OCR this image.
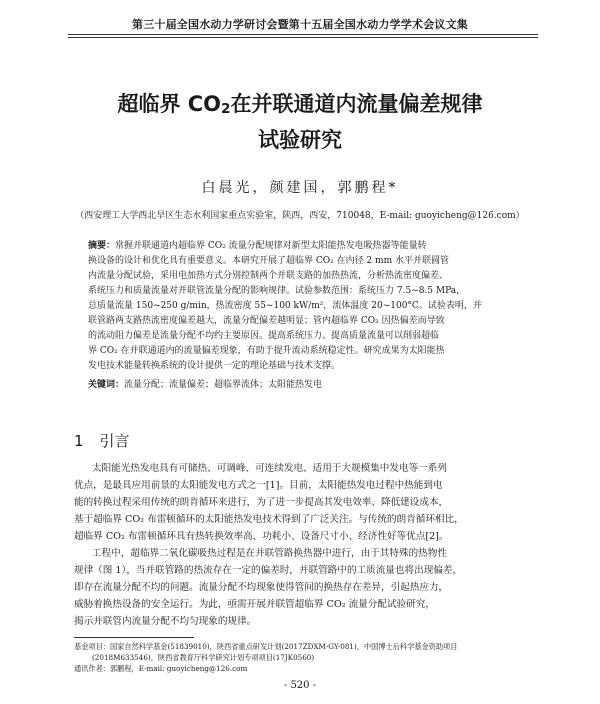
第三十届全国水动力学研讨会暨第十五届全国水动力学学术会议文集
超临界 $CO_2$在并联通道内流量偏差规律
试验研究
白晨光，颜建国，郭鹏程*
（西安理工大学西北旱区生态水利国家重点实验室，陕西，西安，710048，E-mail: guoyicheng@126.com）
摘要：常握并联通道内超临界 CO₂ 流量分配规律对新型太阳能热发电吸热器等能量转
换设备的设计和优化具有重要意义。本研究开展了超临界 CO₂ 在内径 2 mm 水平并联圆管
内流量分配试验，采用电加热方式分别控制两个并联支路的加热热流，分析热流密度偏差、
系统压力和质量流量对并联管流量分配的影响规律。试验参数范围：系统压力 7.5~8.5 MPa，
总质量流量 150~250 g/min，热流密度 55~100 kW/m²，流体温度 20~100°C。试验表明，并
联管路两支路热流密度偏差越大，流量分配偏差越明显；管内超临界 CO₂ 因热偏差而导致
的流动阻力偏差是流量分配不均约主要原因。提高系统压力、提高质量流量可以削弱超临
界 CO₂ 在并联通道内的流量偏差现象，有助于提升流动系统稳定性。研究成果为太阳能热
发电技术能量转换系统的设计提供一定的理论基础与技术支撑。
关键词：流量分配；流量偏差；超临界流体；太阳能热发电
1 引言
太阳能光热发电具有可储热、可调峰、可连续发电、适用于大规模集中发电等一系列
优点，是最具应用前景的太阳能发电方式之一[1]。目前，太阳能热发电过程中热能到电
能的转换过程采用传统的朗肯循环来进行，为了进一步提高其发电效率、降低建设成本，
基于超临界 CO₂ 布雷顿循环的太阳能热发电技术得到了广泛关注。与传统的朗肯循环相比，
超临界 CO₂ 布雷顿循环具有热转换效率高、功耗小、设备尺寸小、经济性好等优点[2]。
工程中，超临界二氧化碳吸热过程是在并联管路换热器中进行，由于其特殊的热物性
规律（图 1），当并联管路的热流存在一定的偏差时，并联管路中的工质流量也将出现偏差，
即存在流量分配不均的问题。流量分配不均现象使得管间的换热存在差异，引起热应力，
威胁着换热设备的安全运行。为此，亟需开展并联管超临界 CO₂ 流量分配试验研究，
揭示并联管内流量分配不均匀现象的规律。
基金项目：国家自然科学基金(51839010)，陕西省重点研发计划(2017ZDXM-GY-081)，中国博士后科学基金资助项目
(2018M633546)，陕西省教育厅科学研究计划专项项目(17JK0560)
通讯作者：郭鹏程，E-mail: guoyicheng@126.com
- 520 -
